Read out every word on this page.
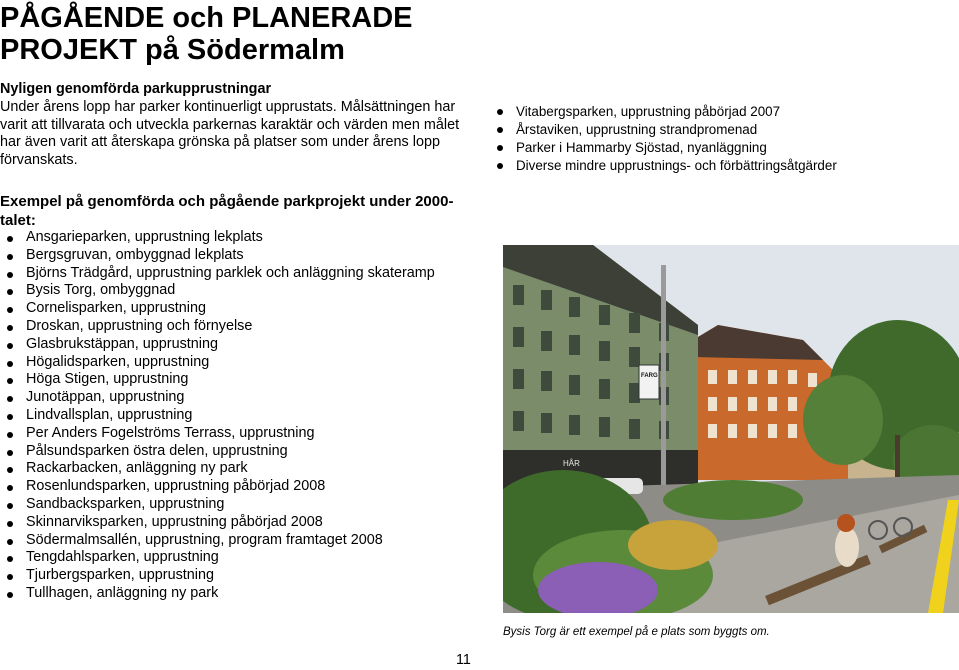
PÅGÅENDE och PLANERADE
PROJEKT på Södermalm
Nyligen genomförda parkupprustningar
Under årens lopp har parker kontinuerligt upprustats. Målsättningen har varit att tillvarata och utveckla parkernas karaktär och värden men målet har även varit att återskapa grönska på platser som under årens lopp förvanskats.
Exempel på genomförda och pågående parkprojekt under 2000-talet:
Ansgarieparken, upprustning lekplats
Bergsgruvan, ombyggnad lekplats
Björns Trädgård, upprustning parklek och anläggning skateramp
Bysis Torg, ombyggnad
Cornelisparken, upprustning
Droskan, upprustning och förnyelse
Glasbrukstäppan, upprustning
Högalidsparken, upprustning
Höga Stigen, upprustning
Junotäppan, upprustning
Lindvallsplan, upprustning
Per Anders Fogelströms Terrass, upprustning
Pålsundsparken östra delen, upprustning
Rackarbacken, anläggning ny park
Rosenlundsparken, upprustning påbörjad 2008
Sandbacksparken, upprustning
Skinnarviksparken, upprustning påbörjad 2008
Södermalmsallén, upprustning, program framtaget 2008
Tengdahlsparken, upprustning
Tjurbergsparken, upprustning
Tullhagen, anläggning ny park
Vitabergsparken, upprustning påbörjad 2007
Årstaviken, upprustning strandpromenad
Parker i Hammarby Sjöstad, nyanläggning
Diverse mindre upprustnings- och förbättringsåtgärder
HÅR
FARG
Bysis Torg är ett exempel på e plats som byggts om.
11
